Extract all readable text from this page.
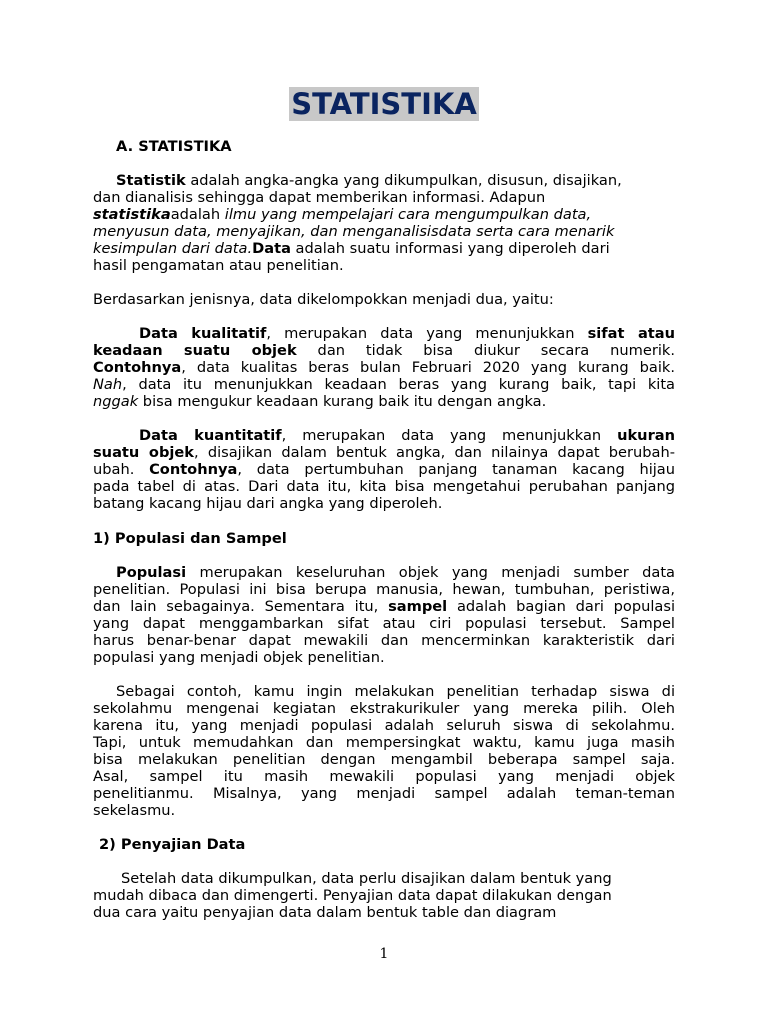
STATISTIKA

A. STATISTIKA

Statistik adalah angka-angka yang dikumpulkan, disusun, disajikan,
dan dianalisis sehingga dapat memberikan informasi. Adapun
statistikaadalah ilmu yang mempelajari cara mengumpulkan data,
menyusun data, menyajikan, dan menganalisisdata serta cara menarik
kesimpulan dari data.Data adalah suatu informasi yang diperoleh dari
hasil pengamatan atau penelitian.

Berdasarkan jenisnya, data dikelompokkan menjadi dua, yaitu:

Data kualitatif, merupakan data yang menunjukkan sifat atau
keadaan suatu objek dan tidak bisa diukur secara numerik.
Contohnya, data kualitas beras bulan Februari 2020 yang kurang baik.
Nah, data itu menunjukkan keadaan beras yang kurang baik, tapi kita
nggak bisa mengukur keadaan kurang baik itu dengan angka.

Data kuantitatif, merupakan data yang menunjukkan ukuran
suatu objek, disajikan dalam bentuk angka, dan nilainya dapat berubah-
ubah. Contohnya, data pertumbuhan panjang tanaman kacang hijau
pada tabel di atas. Dari data itu, kita bisa mengetahui perubahan panjang
batang kacang hijau dari angka yang diperoleh.

1) Populasi dan Sampel

Populasi merupakan keseluruhan objek yang menjadi sumber data
penelitian. Populasi ini bisa berupa manusia, hewan, tumbuhan, peristiwa,
dan lain sebagainya. Sementara itu, sampel adalah bagian dari populasi
yang dapat menggambarkan sifat atau ciri populasi tersebut. Sampel
harus benar-benar dapat mewakili dan mencerminkan karakteristik dari
populasi yang menjadi objek penelitian.

Sebagai contoh, kamu ingin melakukan penelitian terhadap siswa di
sekolahmu mengenai kegiatan ekstrakurikuler yang mereka pilih. Oleh
karena itu, yang menjadi populasi adalah seluruh siswa di sekolahmu.
Tapi, untuk memudahkan dan mempersingkat waktu, kamu juga masih
bisa melakukan penelitian dengan mengambil beberapa sampel saja.
Asal, sampel itu masih mewakili populasi yang menjadi objek
penelitianmu. Misalnya, yang menjadi sampel adalah teman-teman
sekelasmu.

2) Penyajian Data

Setelah data dikumpulkan, data perlu disajikan dalam bentuk yang
mudah dibaca dan dimengerti. Penyajian data dapat dilakukan dengan
dua cara yaitu penyajian data dalam bentuk table dan diagram

1
